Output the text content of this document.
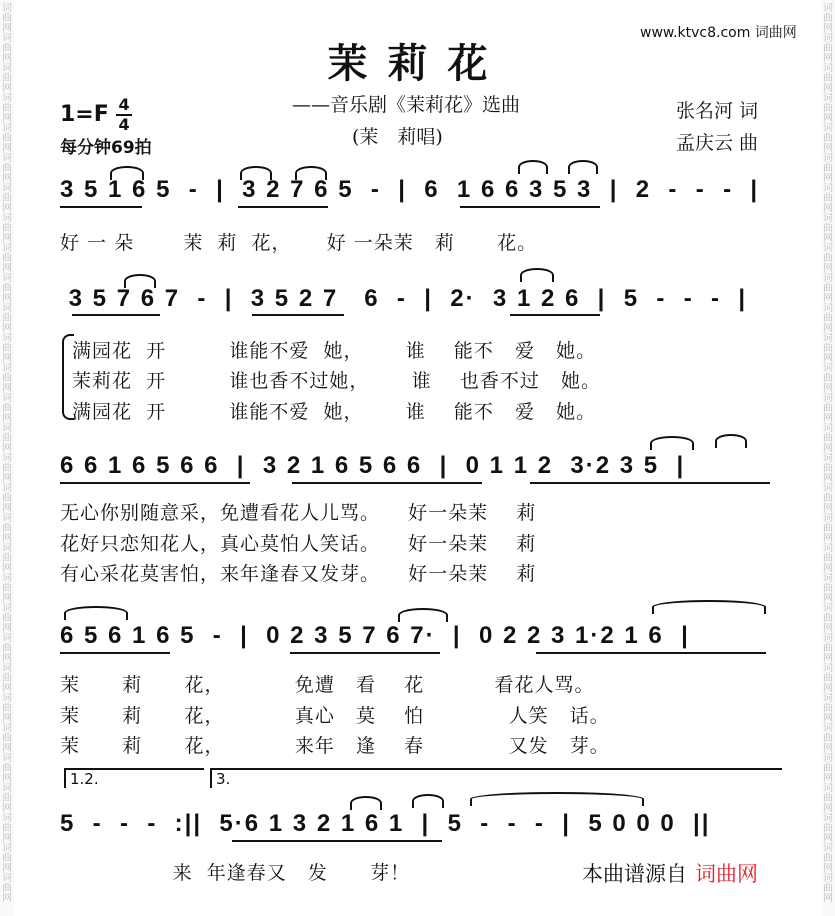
词
曲
网
词
曲
网
词
曲
网
词
曲
网
词
曲
网
词
曲
网
词
曲
网
词
曲
网
词
曲
网
词
曲
网
词
曲
网
词
曲
网
词
曲
网
词
曲
网
词
曲
网
词
曲
网
词
曲
网
词
曲
网
词
曲
网
词
曲
网
词
曲
网
词
曲
网
词
曲
网
词
曲
网
词
曲
网
词
曲
网
词
曲
网
词
曲
网
词
曲
网
词
曲
网
词
曲
网
词
曲
网
词
曲
网
词
曲
网
词
曲
网
词
曲
网
词
曲
网
词
曲
网
词
曲
网
词
曲
网
词
曲
网
词
曲
网
词
曲
网
词
曲
网
词
曲
网
词
曲
网
词
曲
网
词
曲
网
词
曲
网
词
曲
网
词
曲
网
词
曲
网
词
曲
网
词
曲
网
词
曲
网
词
曲
网
词
曲
网
词
曲
网
词
曲
网
词
曲
网
www.ktvc8.com 词曲网
茉莉花
——音乐剧《茉莉花》选曲
(茉　莉唱)
$1=F \frac{4}{4}$
每分钟69拍
张名河 词
孟庆云 曲
3 5 1 6 5  -  |  3 2 7 6 5  -  |  6  1 6 6 3 5 3  |  2  -  -  -  |
好 一 朵       茉  莉  花，     好 一朵茉   莉      花。
3 5 7 6 7  -  |  3 5 2 7   6  -  |  2·  3 1 2 6  |  5  -  -  -  |
满园花  开         谁能不爱  她，      谁    能不   爱   她。
茉莉花  开         谁也香不过她，      谁    也香不过   她。
满园花  开         谁能不爱  她，      谁    能不   爱   她。
6 6 1 6 5 6 6  |  3 2 1 6 5 6 6  |  0 1 1 2  3·2 3 5  |
无心你别随意采，免遭看花人儿骂。    好一朵茉    莉
花好只恋知花人，真心莫怕人笑话。    好一朵茉    莉
有心采花莫害怕，来年逢春又发芽。    好一朵茉    莉
6 5 6 1 6 5  -  |  0 2 3 5 7 6 7·  |  0 2 2 3 1·2 1 6  |
茉      莉      花，          免遭   看    花          看花人骂。
茉      莉      花，          真心   莫    怕            人笑   话。
茉      莉      花，          来年   逢    春            又发   芽。
1.2.	3.
5  -  -  -  :||  5·6 1 3 2 1 6 1  |  5  -  -  -  |  5 0 0 0  ||
来  年逢春又   发      芽！	本曲谱源自 词曲网
